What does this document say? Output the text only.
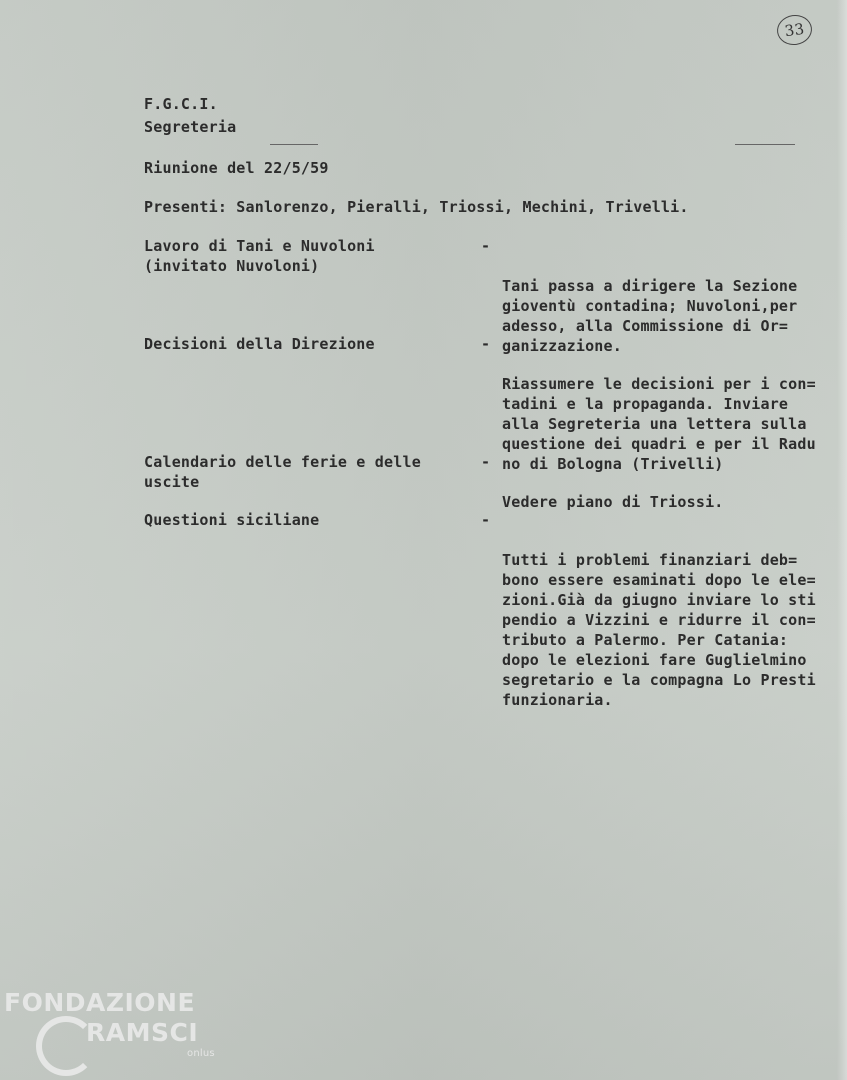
33
F.G.C.I.
Segreteria
Riunione del 22/5/59
Presenti: Sanlorenzo, Pieralli, Triossi, Mechini, Trivelli.
Lavoro di Tani e Nuvoloni
(invitato Nuvoloni)

-

Tani passa a dirigere la Sezione
gioventù contadina; Nuvoloni,per
adesso, alla Commissione di Or=
ganizzazione.

Decisioni della Direzione	-

Riassumere le decisioni per i con=
tadini e la propaganda. Inviare
alla Segreteria una lettera sulla
questione dei quadri e per il Radu
no di Bologna (Trivelli)

Calendario delle ferie e delle
uscite

-

Vedere piano di Triossi.

Questioni siciliane	-

Tutti i problemi finanziari deb=
bono essere esaminati dopo le ele=
zioni.Già da giugno inviare lo sti
pendio a Vizzini e ridurre il con=
tributo a Palermo. Per Catania:
dopo le elezioni fare Guglielmino
segretario e la compagna Lo Presti
funzionaria.

FONDAZIONE
RAMSCI
onlus
